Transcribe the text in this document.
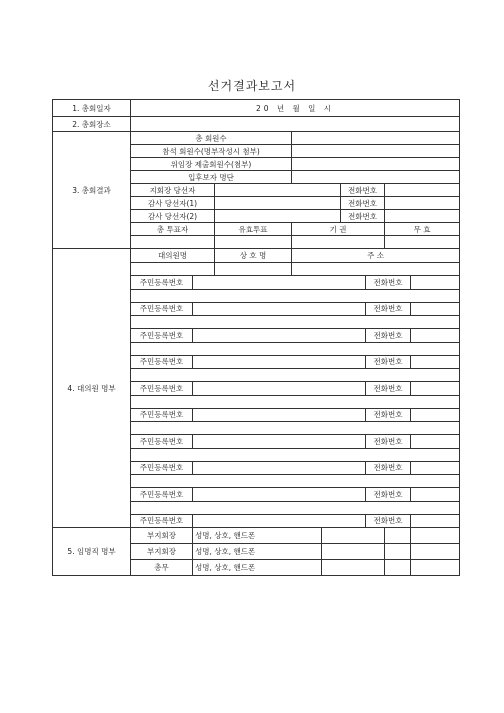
선거결과보고서
1. 총회일자	20 년 월 일 시								
2. 총회장소									
3. 총회결과	총 회원수								
	참석 회원수(명부작성시 첨부)								
	위임장 제출회원수(첨부)								
	입후보자 명단								
	지회장 당선자					전화번호			
	감사 당선자(1)					전화번호			
	감사 당선자(2)					전화번호			
	총 투표자		유효투표	기 권				무 효	

4. 대의원 명부	대의원명		상 호 명	주 소					

	주민등록번호						전화번호		

	주민등록번호						전화번호		

	주민등록번호						전화번호		

	주민등록번호						전화번호		

	주민등록번호						전화번호		

	주민등록번호						전화번호		

	주민등록번호						전화번호		

	주민등록번호						전화번호		

	주민등록번호						전화번호		

	주민등록번호						전화번호		
5. 임명직 명부	부지회장	성명, 상호, 핸드폰							
	부지회장	성명, 상호, 핸드폰							
	총무	성명, 상호, 핸드폰							
